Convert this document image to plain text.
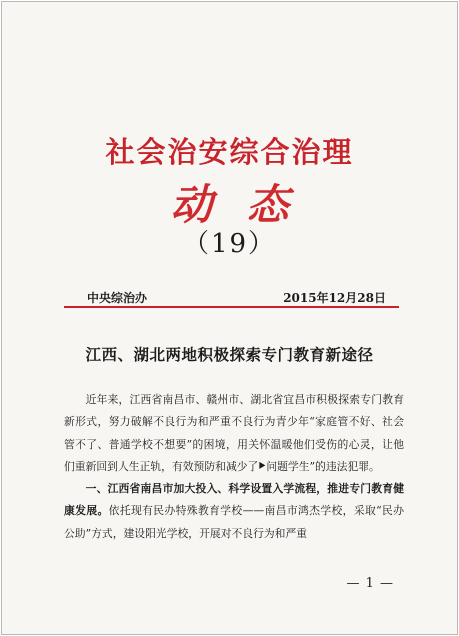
社会治安综合治理
动态
（19）
中央综治办	2015年12月28日
江西、湖北两地积极探索专门教育新途径

近年来，江西省南昌市、赣州市、湖北省宜昌市积极探索专门教育新形式，努力破解不良行为和严重不良行为青少年“家庭管不好、社会管不了、普通学校不想要”的困境，用关怀温暖他们受伤的心灵，让他们重新回到人生正轨，有效预防和减少了 问题学生”的违法犯罪。

一、江西省南昌市加大投入、科学设置入学流程，推进专门教育健康发展。依托现有民办特殊教育学校——南昌市鸿杰学校，采取“民办公助”方式，建设阳光学校，开展对不良行为和严重

— 1 —
